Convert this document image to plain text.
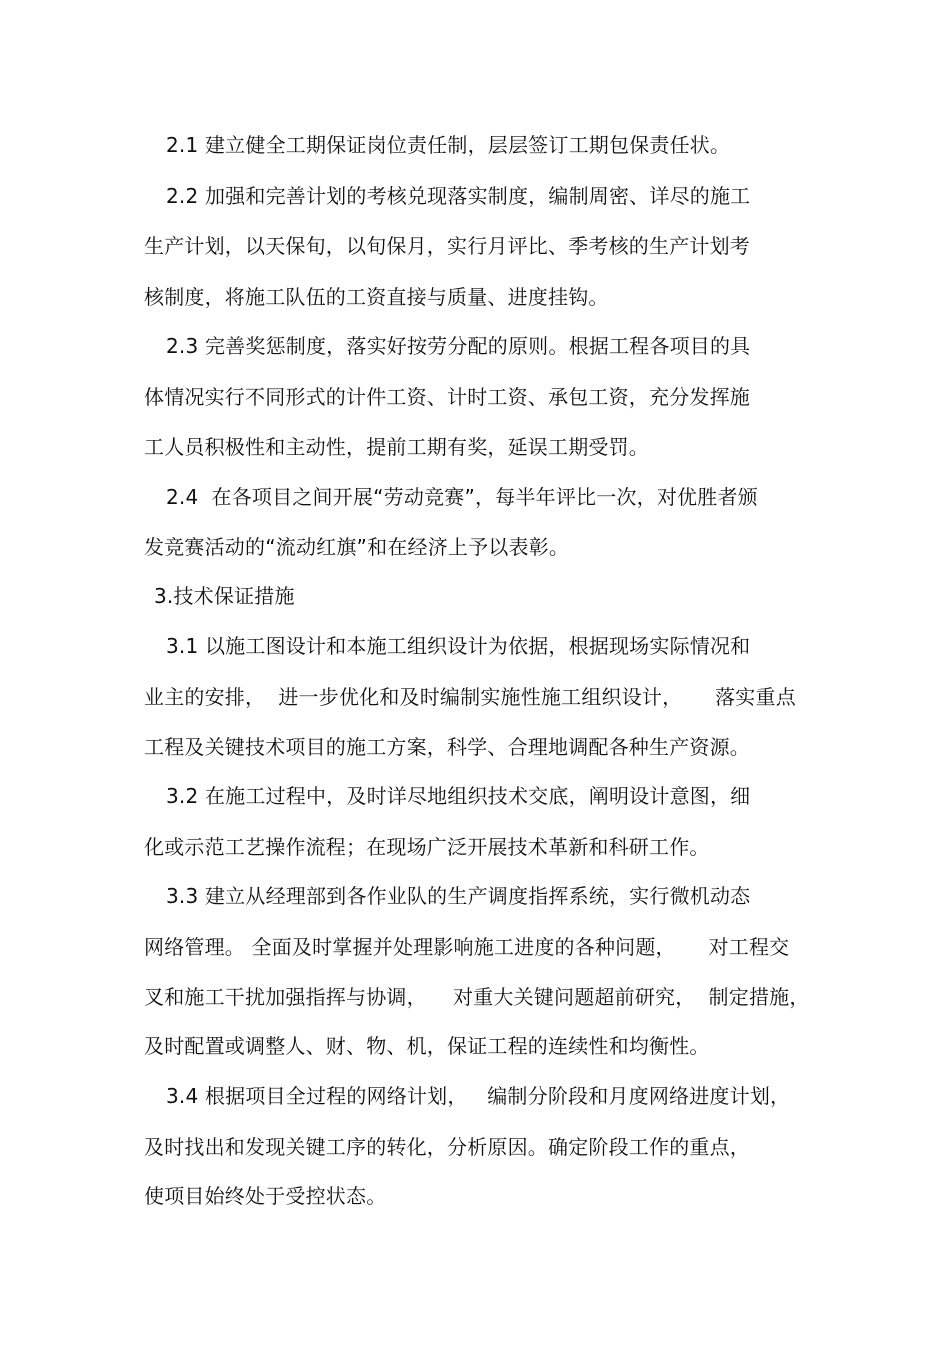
2.1 建立健全工期保证岗位责任制，层层签订工期包保责任状。
2.2 加强和完善计划的考核兑现落实制度，编制周密、详尽的施工
生产计划，以天保旬，以旬保月，实行月评比、季考核的生产计划考
核制度，将施工队伍的工资直接与质量、进度挂钩。
2.3 完善奖惩制度，落实好按劳分配的原则。根据工程各项目的具
体情况实行不同形式的计件工资、计时工资、承包工资，充分发挥施
工人员积极性和主动性，提前工期有奖，延误工期受罚。
2.4  在各项目之间开展“劳动竞赛”，每半年评比一次，对优胜者颁
发竞赛活动的“流动红旗”和在经济上予以表彰。
3.技术保证措施
3.1 以施工图设计和本施工组织设计为依据，根据现场实际情况和
业主的安排，  进一步优化和及时编制实施性施工组织设计，     落实重点
工程及关键技术项目的施工方案，科学、合理地调配各种生产资源。
3.2 在施工过程中，及时详尽地组织技术交底，阐明设计意图，细
化或示范工艺操作流程；在现场广泛开展技术革新和科研工作。
3.3 建立从经理部到各作业队的生产调度指挥系统，实行微机动态
网络管理。 全面及时掌握并处理影响施工进度的各种问题，     对工程交
叉和施工干扰加强指挥与协调，    对重大关键问题超前研究，  制定措施，
及时配置或调整人、财、物、机，保证工程的连续性和均衡性。
3.4 根据项目全过程的网络计划，   编制分阶段和月度网络进度计划，
及时找出和发现关键工序的转化，分析原因。确定阶段工作的重点，
使项目始终处于受控状态。
